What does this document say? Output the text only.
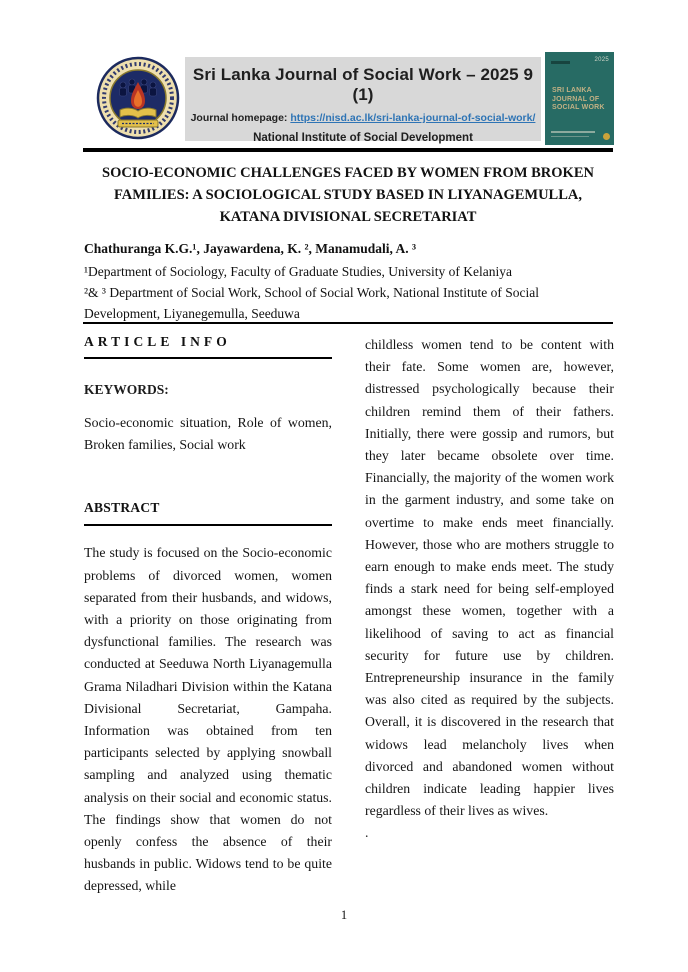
Sri Lanka Journal of Social Work – 2025 9 (1)
Journal homepage: https://nisd.ac.lk/sri-lanka-journal-of-social-work/
National Institute of Social Development
2025
SRI LANKA
JOURNAL OF
SOCIAL WORK
SOCIO-ECONOMIC CHALLENGES FACED BY WOMEN FROM BROKEN FAMILIES: A SOCIOLOGICAL STUDY BASED IN LIYANAGEMULLA, KATANA DIVISIONAL SECRETARIAT
Chathuranga K.G.¹, Jayawardena, K. ², Manamudali, A. ³
¹Department of Sociology, Faculty of Graduate Studies, University of Kelaniya
²& ³ Department of Social Work, School of Social Work, National Institute of Social Development, Liyanegemulla, Seeduwa
ARTICLE INFO
KEYWORDS:
Socio-economic situation, Role of women, Broken families, Social work
ABSTRACT
The study is focused on the Socio-economic problems of divorced women, women separated from their husbands, and widows, with a priority on those originating from dysfunctional families. The research was conducted at Seeduwa North Liyanagemulla Grama Niladhari Division within the Katana Divisional Secretariat, Gampaha. Information was obtained from ten participants selected by applying snowball sampling and analyzed using thematic analysis on their social and economic status. The findings show that women do not openly confess the absence of their husbands in public. Widows tend to be quite depressed, while
childless women tend to be content with their fate. Some women are, however, distressed psychologically because their children remind them of their fathers. Initially, there were gossip and rumors, but they later became obsolete over time. Financially, the majority of the women work in the garment industry, and some take on overtime to make ends meet financially. However, those who are mothers struggle to earn enough to make ends meet. The study finds a stark need for being self-employed amongst these women, together with a likelihood of saving to act as financial security for future use by children. Entrepreneurship insurance in the family was also cited as required by the subjects. Overall, it is discovered in the research that widows lead melancholy lives when divorced and abandoned women without children indicate leading happier lives regardless of their lives as wives.
.
1
